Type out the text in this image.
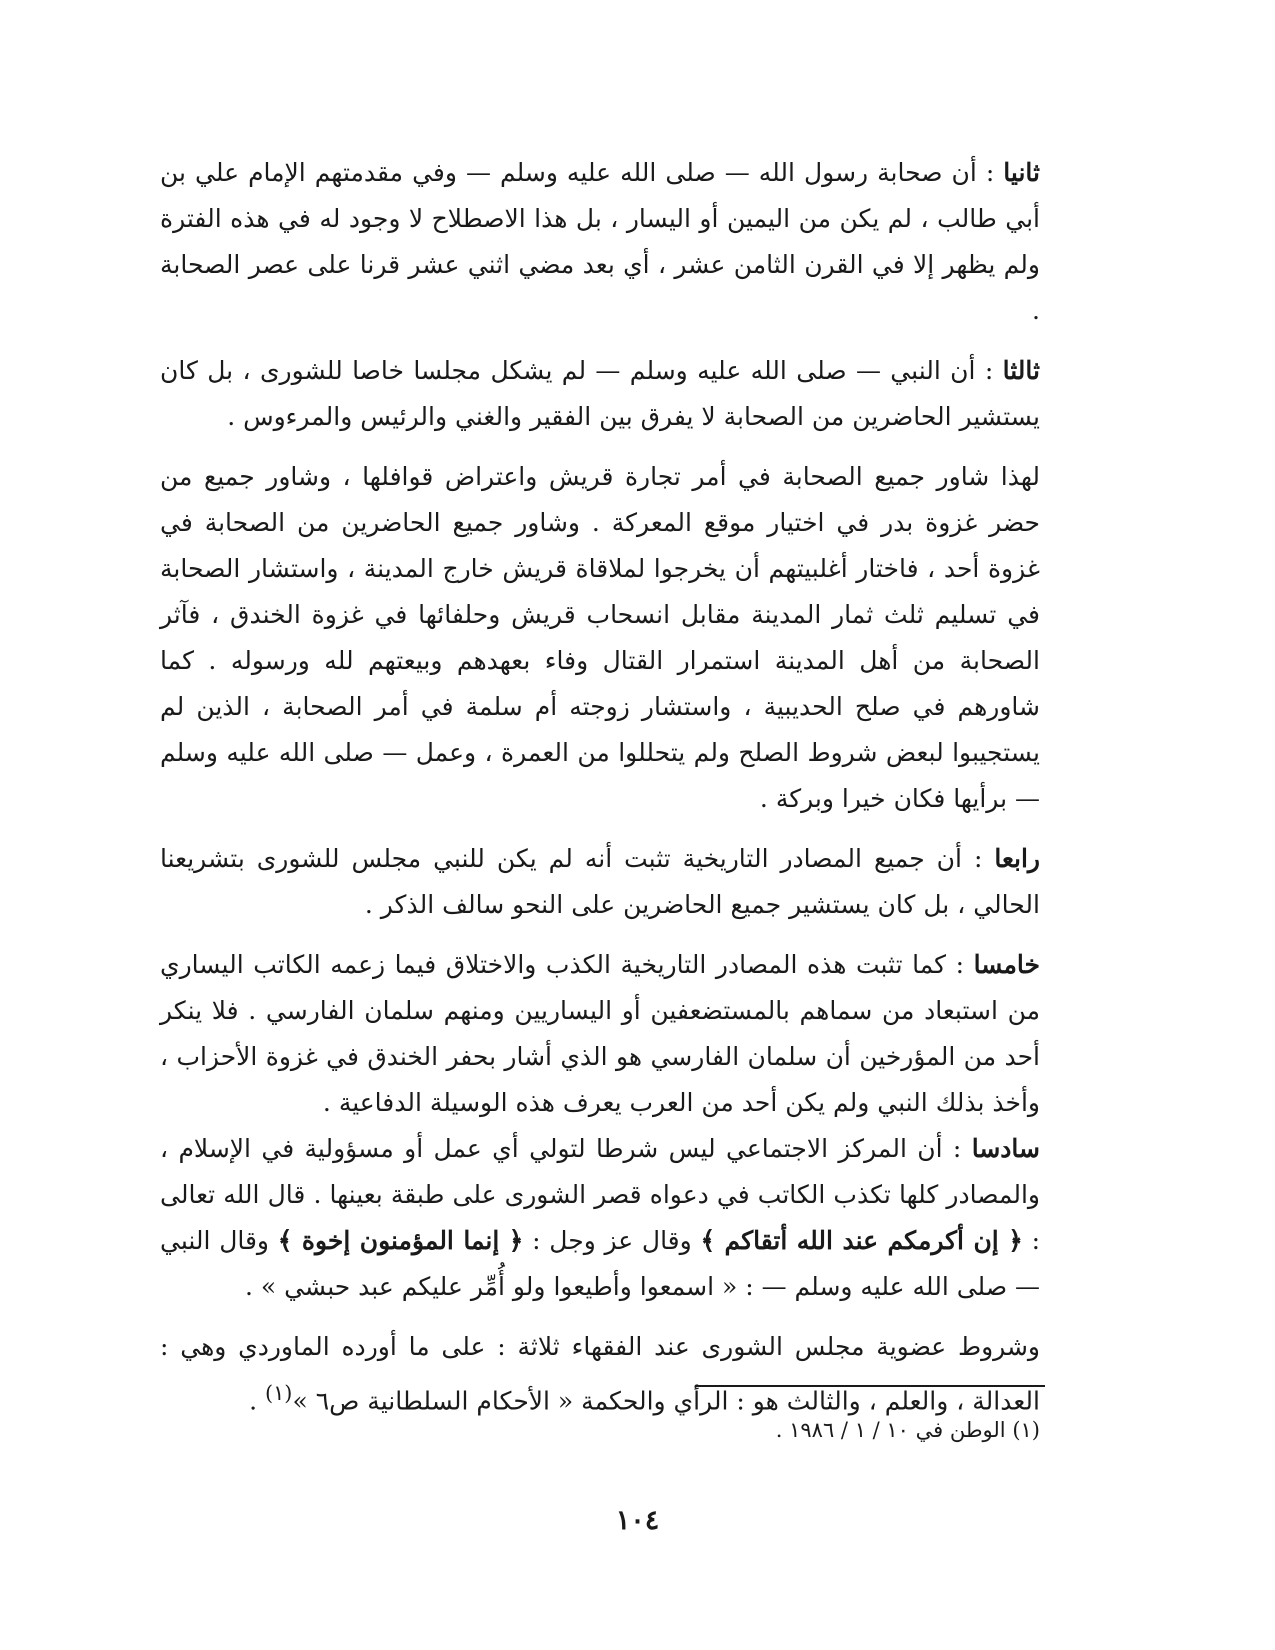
ثانيا : أن صحابة رسول الله — صلى الله عليه وسلم — وفي مقدمتهم الإمام علي بن أبي طالب ، لم يكن من اليمين أو اليسار ، بل هذا الاصطلاح لا وجود له في هذه الفترة ولم يظهر إلا في القرن الثامن عشر ، أي بعد مضي اثني عشر قرنا على عصر الصحابة .

ثالثا : أن النبي — صلى الله عليه وسلم — لم يشكل مجلسا خاصا للشورى ، بل كان يستشير الحاضرين من الصحابة لا يفرق بين الفقير والغني والرئيس والمرءوس .

لهذا شاور جميع الصحابة في أمر تجارة قريش واعتراض قوافلها ، وشاور جميع من حضر غزوة بدر في اختيار موقع المعركة . وشاور جميع الحاضرين من الصحابة في غزوة أحد ، فاختار أغلبيتهم أن يخرجوا لملاقاة قريش خارج المدينة ، واستشار الصحابة في تسليم ثلث ثمار المدينة مقابل انسحاب قريش وحلفائها في غزوة الخندق ، فآثر الصحابة من أهل المدينة استمرار القتال وفاء بعهدهم وبيعتهم لله ورسوله . كما شاورهم في صلح الحديبية ، واستشار زوجته أم سلمة في أمر الصحابة ، الذين لم يستجيبوا لبعض شروط الصلح ولم يتحللوا من العمرة ، وعمل — صلى الله عليه وسلم — برأيها فكان خيرا وبركة .

رابعا : أن جميع المصادر التاريخية تثبت أنه لم يكن للنبي مجلس للشورى بتشريعنا الحالي ، بل كان يستشير جميع الحاضرين على النحو سالف الذكر .

خامسا : كما تثبت هذه المصادر التاريخية الكذب والاختلاق فيما زعمه الكاتب اليساري من استبعاد من سماهم بالمستضعفين أو اليساريين ومنهم سلمان الفارسي . فلا ينكر أحد من المؤرخين أن سلمان الفارسي هو الذي أشار بحفر الخندق في غزوة الأحزاب ، وأخذ بذلك النبي ولم يكن أحد من العرب يعرف هذه الوسيلة الدفاعية .

سادسا : أن المركز الاجتماعي ليس شرطا لتولي أي عمل أو مسؤولية في الإسلام ، والمصادر كلها تكذب الكاتب في دعواه قصر الشورى على طبقة بعينها . قال الله تعالى : ﴿ إن أكرمكم عند الله أتقاكم ﴾ وقال عز وجل : ﴿ إنما المؤمنون إخوة ﴾ وقال النبي — صلى الله عليه وسلم — : « اسمعوا وأطيعوا ولو أُمِّر عليكم عبد حبشي » .

وشروط عضوية مجلس الشورى عند الفقهاء ثلاثة : على ما أورده الماوردي وهي : العدالة ، والعلم ، والثالث هو : الرأي والحكمة « الأحكام السلطانية ص٦ »$^{(١)}$ .

(١) الوطن في ١٠ / ١ / ١٩٨٦ .
١٠٤
